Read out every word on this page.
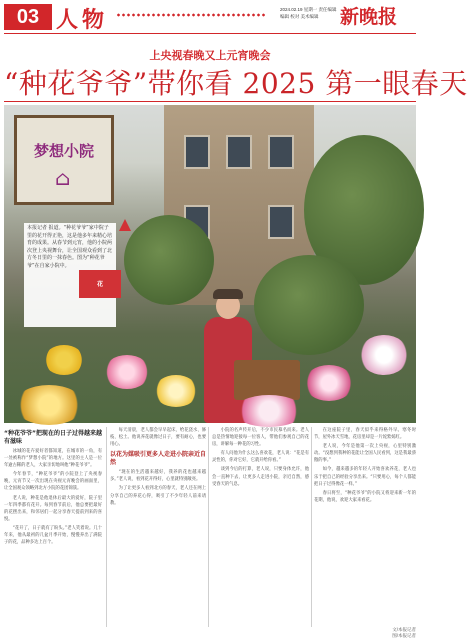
03 人物	2024.02.19 星期一 责任编辑
编辑 校对 美术编辑	新晚报
上央视春晚又上元宵晚会
“种花爷爷”带你看 2025 第一眼春天
梦想小院
⌂
本报记者 报道。“种花爷爷”家中院子里的花开得正艳，这是他多年来精心培育的成果。从春节到元宵，他的小院两次登上央视舞台，让全国观众看到了北方冬日里的一抹春色。图为“种花爷爷”在自家小院中。
花

“种花爷爷”把现在的日子过得越来越有滋味

冰城的花卉爱好者都知道，在城市的一角，有一处被称作“梦想小院”的地方。这里的主人是一位年逾古稀的老人，大家亲切地叫他“种花爷爷”。

今年春节，“种花爷爷”的小院登上了央视春晚，元宵节又一次出现在央视元宵晚会的画面里，让全国观众领略到北方小院的花团锦簇。

老人说，种花是他退休后最大的爱好，院子里一年四季都有花开。每到春节前后，他总要把最好的花摆出来，和邻居们一起分享春天提前到来的喜悦。

“花开了，日子就有了盼头。”老人笑着说。几十年来，他从最初的几盆月季开始，慢慢养出了满院子的花，品种多达上百个。

每天清晨，老人都会早早起床，给花浇水、修枝、松土。他说养花就像过日子，要有耐心，也要用心。

以花为媒吸引更多人走进小院亲近自然

“现在的生活越来越好，我养的花也越来越多。”老人说，看到花开得好，心里就特别敞亮。

为了让更多人看到北方的春天，老人还在网上分享自己的养花心得，吸引了不少年轻人前来请教。

小院的名声传开后，不少市民慕名而来。老人总是热情地迎接每一位客人，带他们参观自己的花房，讲解每一种花的习性。

有人问他为什么这么喜欢花，老人说：“花是有灵性的，你对它好，它就开给你看。”

谈到今后的打算，老人说，只要身体允许，他会一直种下去，让更多人走进小院，亲近自然，感受春天的气息。

在这座院子里，春天似乎来得格外早。寒冬时节，屋外冰天雪地，花房里却是一片姹紫嫣红。

老人说，今年是他第一次上央视，心里特别激动。“没想到我种的花能让全国人民看到，这是我最骄傲的事。”

如今，越来越多的年轻人开始喜欢养花，老人也乐于把自己的经验分享出来。“只要用心，每个人都能把日子过得像花一样。”

春日将至，“种花爷爷”的小院又将迎来新一年的花期，他说，欢迎大家来看花。

文/本报记者
图/本报记者
